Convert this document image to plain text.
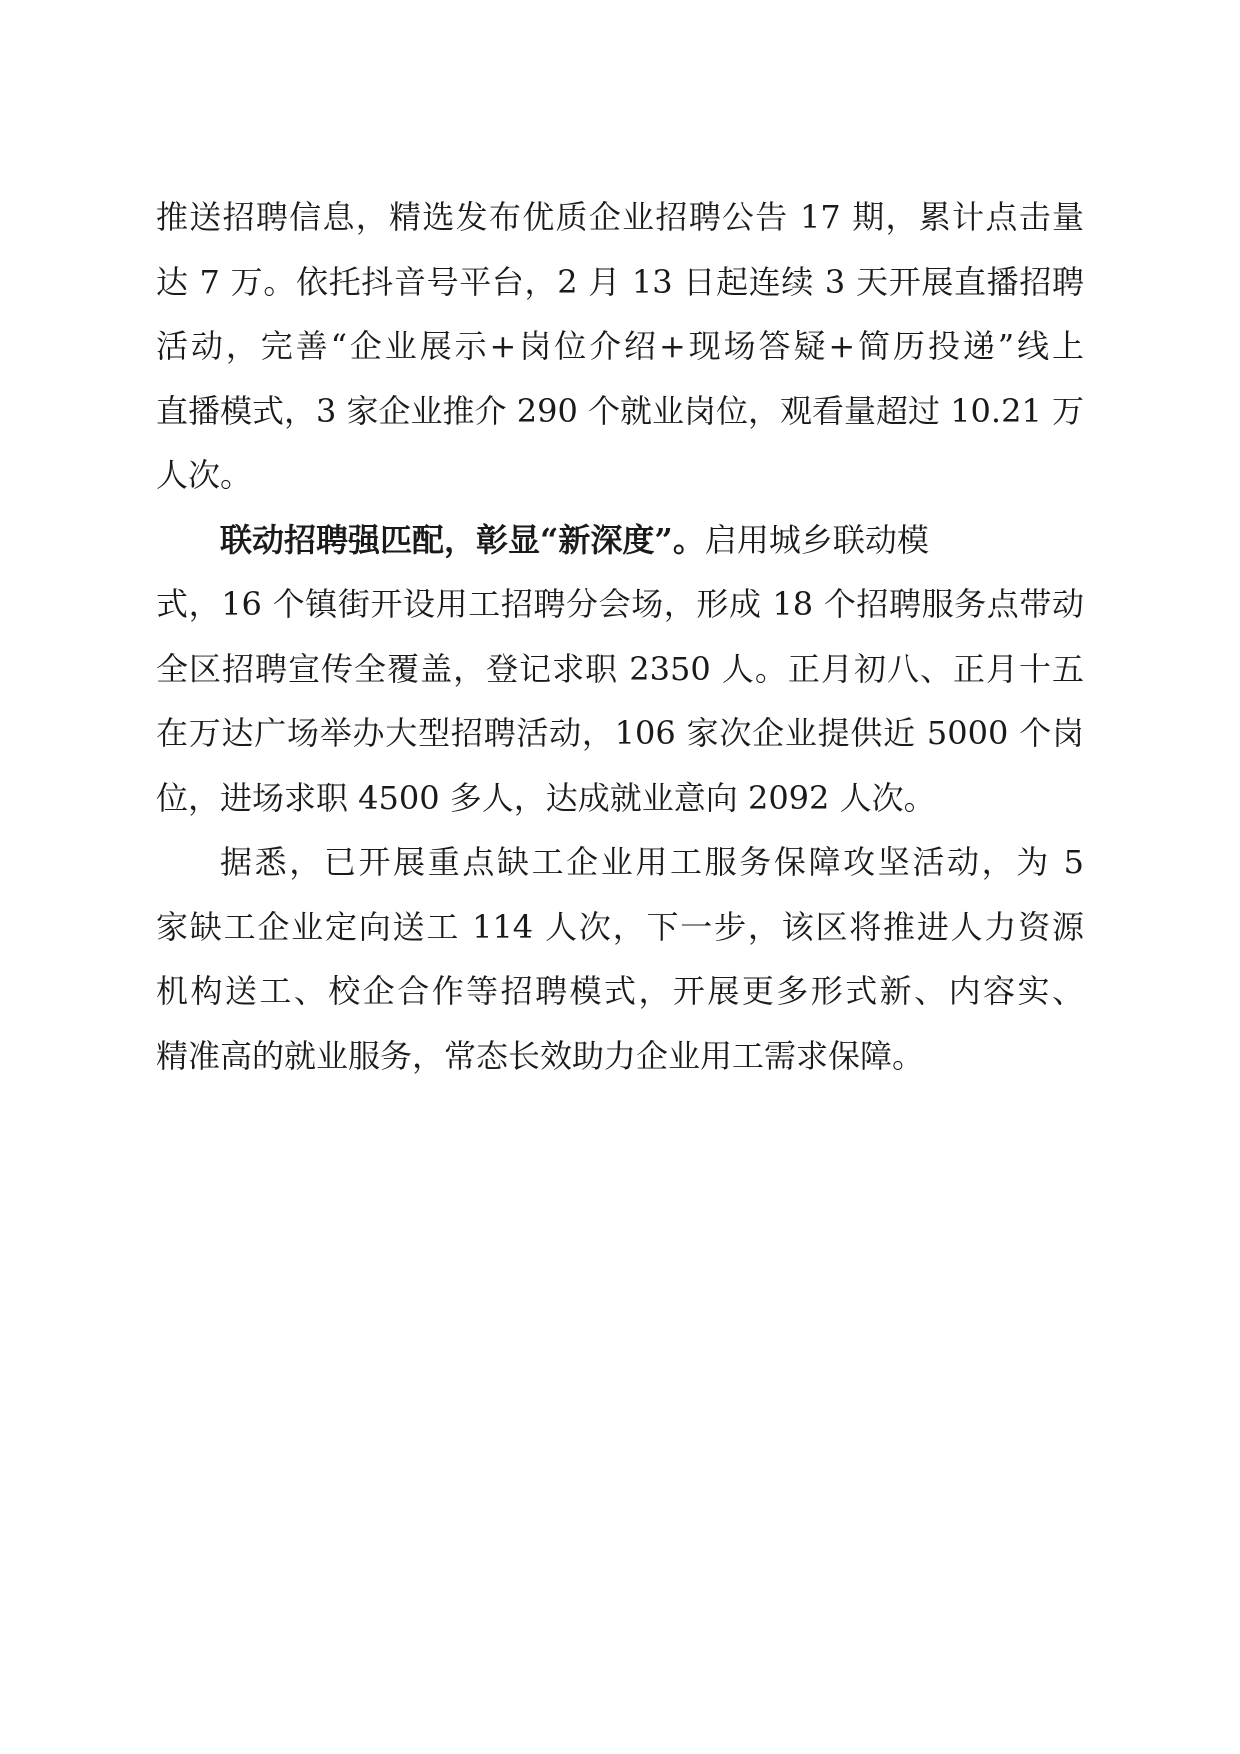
推送招聘信息，精选发布优质企业招聘公告 17 期，累计点击量
达 7 万。依托抖音号平台，2 月 13 日起连续 3 天开展直播招聘
活动，完善“企业展示+岗位介绍+现场答疑+简历投递”线上
直播模式，3 家企业推介 290 个就业岗位，观看量超过 10.21 万
人次。
联动招聘强匹配，彰显“新深度”。启用城乡联动模
式，16 个镇街开设用工招聘分会场，形成 18 个招聘服务点带动
全区招聘宣传全覆盖，登记求职 2350 人。正月初八、正月十五
在万达广场举办大型招聘活动，106 家次企业提供近 5000 个岗
位，进场求职 4500 多人，达成就业意向 2092 人次。
据悉，已开展重点缺工企业用工服务保障攻坚活动，为 5
家缺工企业定向送工 114 人次，下一步，该区将推进人力资源
机构送工、校企合作等招聘模式，开展更多形式新、内容实、
精准高的就业服务，常态长效助力企业用工需求保障。
